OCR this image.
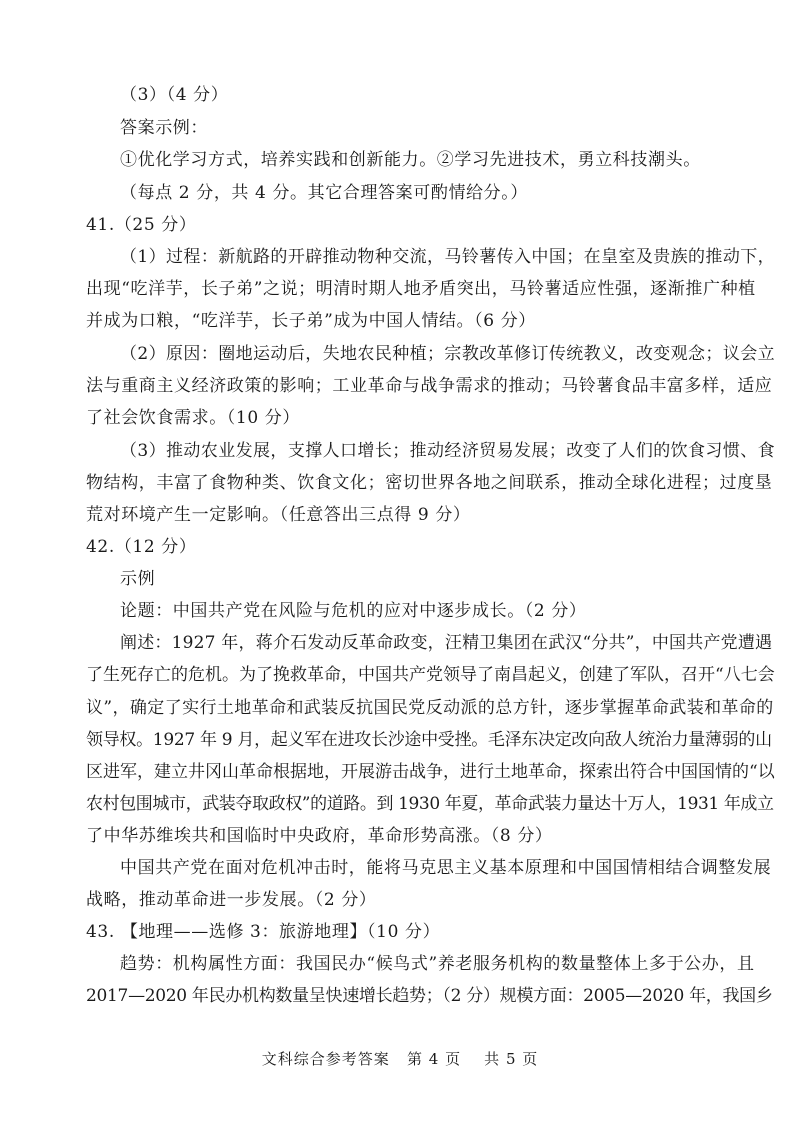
（3）（4 分）
答案示例：
①优化学习方式，培养实践和创新能力。②学习先进技术，勇立科技潮头。
（每点 2 分，共 4 分。其它合理答案可酌情给分。）
41.（25 分）
（1）过程：新航路的开辟推动物种交流，马铃薯传入中国；在皇室及贵族的推动下，
出现“吃洋芋，长子弟”之说；明清时期人地矛盾突出，马铃薯适应性强，逐渐推广种植
并成为口粮，“吃洋芋，长子弟”成为中国人情结。（6 分）
（2）原因：圈地运动后，失地农民种植；宗教改革修订传统教义，改变观念；议会立
法与重商主义经济政策的影响；工业革命与战争需求的推动；马铃薯食品丰富多样，适应
了社会饮食需求。（10 分）
（3）推动农业发展，支撑人口增长；推动经济贸易发展；改变了人们的饮食习惯、食
物结构，丰富了食物种类、饮食文化；密切世界各地之间联系，推动全球化进程；过度垦
荒对环境产生一定影响。（任意答出三点得 9 分）
42.（12 分）
示例
论题：中国共产党在风险与危机的应对中逐步成长。（2 分）
阐述：1927 年，蒋介石发动反革命政变，汪精卫集团在武汉“分共”，中国共产党遭遇
了生死存亡的危机。为了挽救革命，中国共产党领导了南昌起义，创建了军队，召开“八七会
议”，确定了实行土地革命和武装反抗国民党反动派的总方针，逐步掌握革命武装和革命的
领导权。1927 年 9 月，起义军在进攻长沙途中受挫。毛泽东决定改向敌人统治力量薄弱的山
区进军，建立井冈山革命根据地，开展游击战争，进行土地革命，探索出符合中国国情的“以
农村包围城市，武装夺取政权”的道路。到 1930 年夏，革命武装力量达十万人，1931 年成立
了中华苏维埃共和国临时中央政府，革命形势高涨。（8 分）
中国共产党在面对危机冲击时，能将马克思主义基本原理和中国国情相结合调整发展
战略，推动革命进一步发展。（2 分）
43. 【地理——选修 3：旅游地理】（10 分）
趋势：机构属性方面：我国民办“候鸟式”养老服务机构的数量整体上多于公办，且
2017—2020 年民办机构数量呈快速增长趋势；（2 分）规模方面：2005—2020 年，我国乡
文科综合参考答案   第 4 页    共 5 页
